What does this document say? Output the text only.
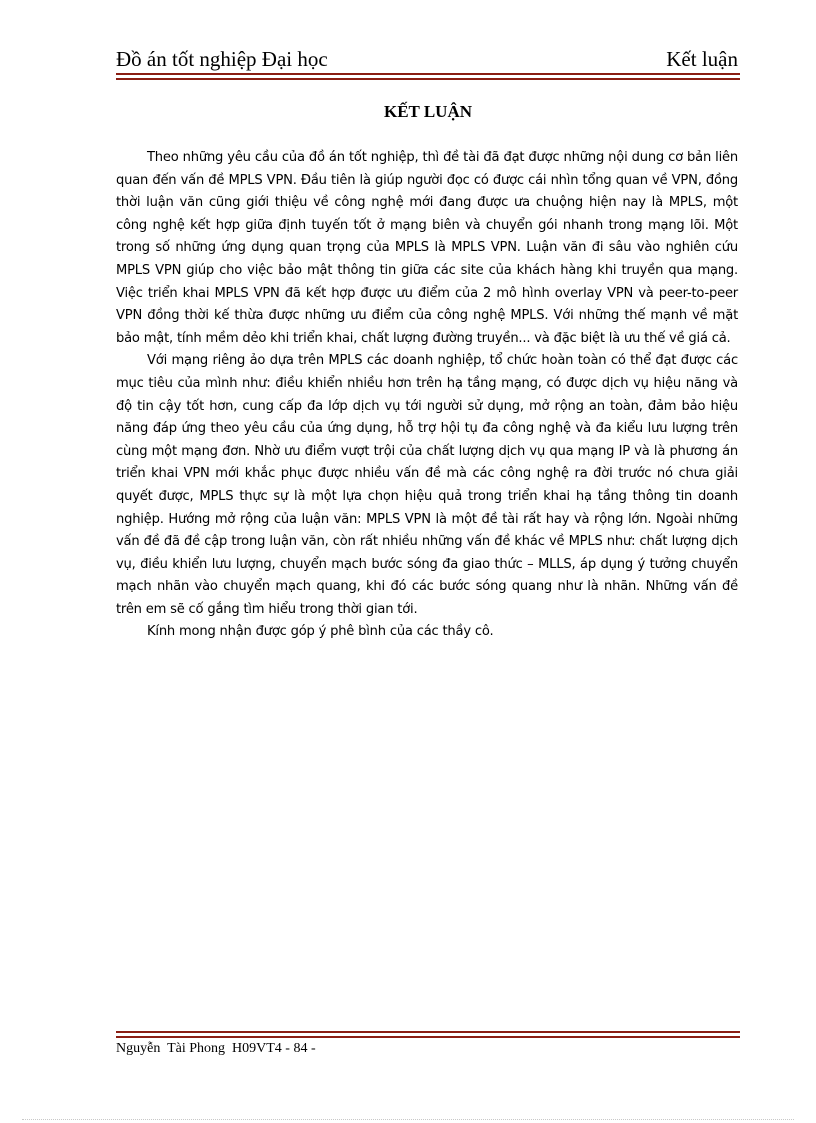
Đồ án tốt nghiệp Đại học	Kết luận
KẾT LUẬN

Theo những yêu cầu của đồ án tốt nghiệp, thì đề tài đã đạt được những nội dung cơ bản liên quan đến vấn đề MPLS VPN. Đầu tiên là giúp người đọc có được cái nhìn tổng quan về VPN, đồng thời luận văn cũng giới thiệu về công nghệ mới đang được ưa chuộng hiện nay là MPLS, một công nghệ kết hợp giữa định tuyến tốt ở mạng biên và chuyển gói nhanh trong mạng lõi. Một trong số những ứng dụng quan trọng của MPLS là MPLS VPN. Luận văn đi sâu vào nghiên cứu MPLS VPN giúp cho việc bảo mật thông tin giữa các site của khách hàng khi truyền qua mạng. Việc triển khai MPLS VPN đã kết hợp được ưu điểm của 2 mô hình overlay VPN và peer-to-peer VPN đồng thời kế thừa được những ưu điểm của công nghệ MPLS. Với những thế mạnh về mặt bảo mật, tính mềm dẻo khi triển khai, chất lượng đường truyền... và đặc biệt là ưu thế về giá cả.

Với mạng riêng ảo dựa trên MPLS các doanh nghiệp, tổ chức hoàn toàn có thể đạt được các mục tiêu của mình như: điều khiển nhiều hơn trên hạ tầng mạng, có được dịch vụ hiệu năng và độ tin cậy tốt hơn, cung cấp đa lớp dịch vụ tới người sử dụng, mở rộng an toàn, đảm bảo hiệu năng đáp ứng theo yêu cầu của ứng dụng, hỗ trợ hội tụ đa công nghệ và đa kiểu lưu lượng trên cùng một mạng đơn. Nhờ ưu điểm vượt trội của chất lượng dịch vụ qua mạng IP và là phương án triển khai VPN mới khắc phục được nhiều vấn đề mà các công nghệ ra đời trước nó chưa giải quyết được, MPLS thực sự là một lựa chọn hiệu quả trong triển khai hạ tầng thông tin doanh nghiệp. Hướng mở rộng của luận văn: MPLS VPN là một đề tài rất hay và rộng lớn. Ngoài những vấn đề đã đề cập trong luận văn, còn rất nhiều những vấn đề khác về MPLS như: chất lượng dịch vụ, điều khiển lưu lượng, chuyển mạch bước sóng đa giao thức – MLLS, áp dụng ý tưởng chuyển mạch nhãn vào chuyển mạch quang, khi đó các bước sóng quang như là nhãn. Những vấn đề trên em sẽ cố gắng tìm hiểu trong thời gian tới.

Kính mong nhận được góp ý phê bình của các thầy cô.

Nguyễn  Tài Phong H09VT4 - 84 -
